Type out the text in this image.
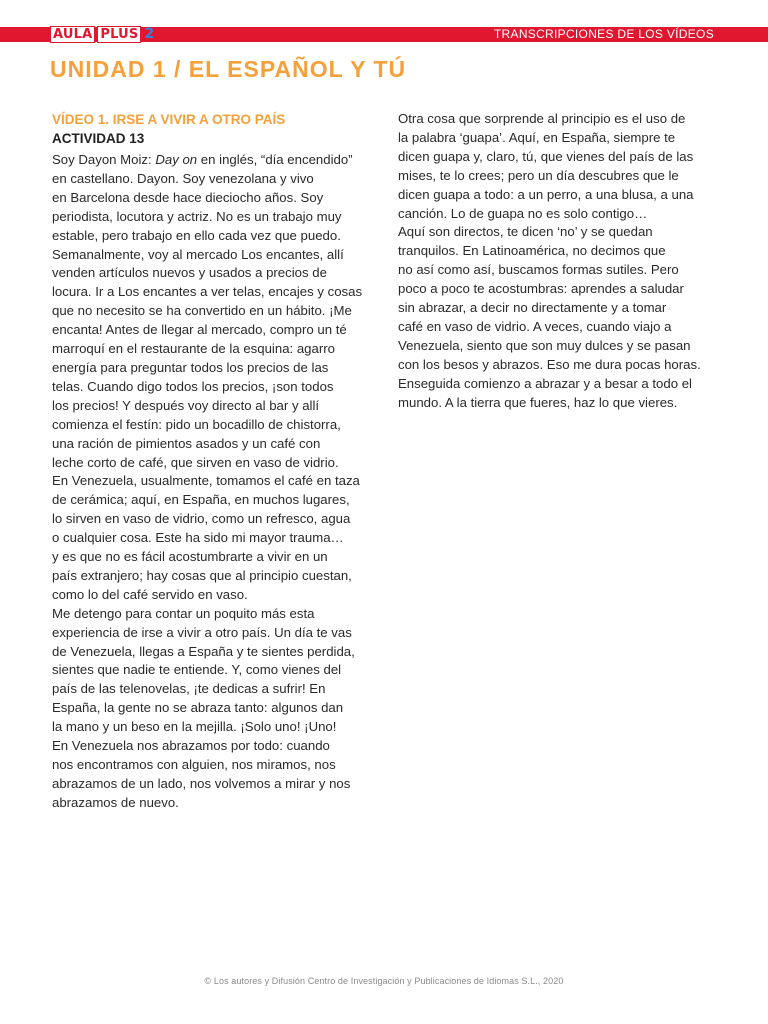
AULA PLUS 2	TRANSCRIPCIONES DE LOS VÍDEOS
UNIDAD 1 / EL ESPAÑOL Y TÚ

VÍDEO 1. IRSE A VIVIR A OTRO PAÍS

ACTIVIDAD 13

Soy Dayon Moiz: Day on en inglés, “día encendido”
en castellano. Dayon. Soy venezolana y vivo
en Barcelona desde hace dieciocho años. Soy
periodista, locutora y actriz. No es un trabajo muy
estable, pero trabajo en ello cada vez que puedo.
Semanalmente, voy al mercado Los encantes, allí
venden artículos nuevos y usados a precios de
locura. Ir a Los encantes a ver telas, encajes y cosas
que no necesito se ha convertido en un hábito. ¡Me
encanta! Antes de llegar al mercado, compro un té
marroquí en el restaurante de la esquina: agarro
energía para preguntar todos los precios de las
telas. Cuando digo todos los precios, ¡son todos
los precios! Y después voy directo al bar y allí
comienza el festín: pido un bocadillo de chistorra,
una ración de pimientos asados y un café con
leche corto de café, que sirven en vaso de vidrio.
En Venezuela, usualmente, tomamos el café en taza
de cerámica; aquí, en España, en muchos lugares,
lo sirven en vaso de vidrio, como un refresco, agua
o cualquier cosa. Este ha sido mi mayor trauma…
y es que no es fácil acostumbrarte a vivir en un
país extranjero; hay cosas que al principio cuestan,
como lo del café servido en vaso.
Me detengo para contar un poquito más esta
experiencia de irse a vivir a otro país. Un día te vas
de Venezuela, llegas a España y te sientes perdida,
sientes que nadie te entiende. Y, como vienes del
país de las telenovelas, ¡te dedicas a sufrir! En
España, la gente no se abraza tanto: algunos dan
la mano y un beso en la mejilla. ¡Solo uno! ¡Uno!
En Venezuela nos abrazamos por todo: cuando
nos encontramos con alguien, nos miramos, nos
abrazamos de un lado, nos volvemos a mirar y nos
abrazamos de nuevo.
Otra cosa que sorprende al principio es el uso de
la palabra ‘guapa’. Aquí, en España, siempre te
dicen guapa y, claro, tú, que vienes del país de las
mises, te lo crees; pero un día descubres que le
dicen guapa a todo: a un perro, a una blusa, a una
canción. Lo de guapa no es solo contigo…
Aquí son directos, te dicen ‘no’ y se quedan
tranquilos. En Latinoamérica, no decimos que
no así como así, buscamos formas sutiles. Pero
poco a poco te acostumbras: aprendes a saludar
sin abrazar, a decir no directamente y a tomar
café en vaso de vidrio. A veces, cuando viajo a
Venezuela, siento que son muy dulces y se pasan
con los besos y abrazos. Eso me dura pocas horas.
Enseguida comienzo a abrazar y a besar a todo el
mundo. A la tierra que fueres, haz lo que vieres.
© Los autores y Difusión Centro de Investigación y Publicaciones de Idiomas S.L., 2020
